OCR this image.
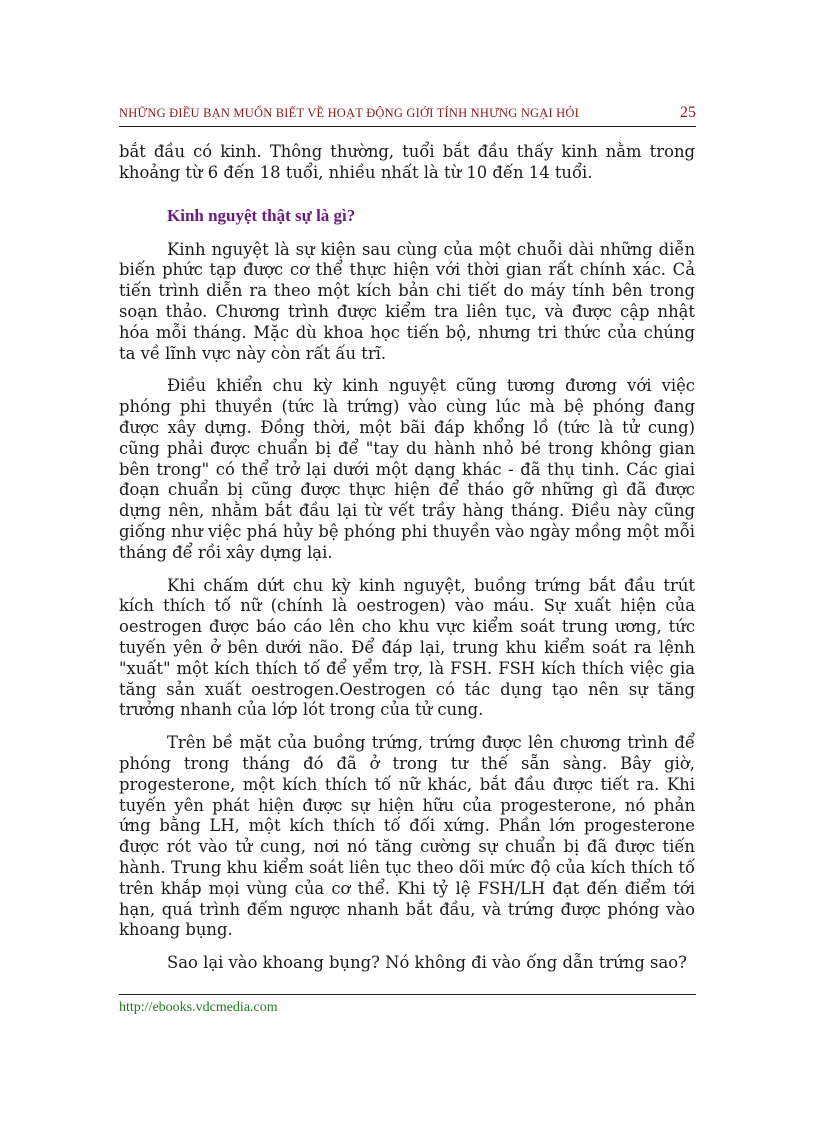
NHỮNG ĐIỀU BẠN MUỐN BIẾT VỀ HOẠT ĐỘNG GIỚI TÍNH NHƯNG NGẠI HỎI	25

bắt đầu có kinh. Thông thường, tuổi bắt đầu thấy kinh nằm trong khoảng từ 6 đến 18 tuổi, nhiều nhất là từ 10 đến 14 tuổi.

Kinh nguyệt thật sự là gì?

Kinh nguyệt là sự kiện sau cùng của một chuỗi dài những diễn biến phức tạp được cơ thể thực hiện với thời gian rất chính xác. Cả tiến trình diễn ra theo một kích bản chi tiết do máy tính bên trong soạn thảo. Chương trình được kiểm tra liên tục, và được cập nhật hóa mỗi tháng. Mặc dù khoa học tiến bộ, nhưng tri thức của chúng ta về lĩnh vực này còn rất ấu trĩ.

Điều khiển chu kỳ kinh nguyệt cũng tương đương với việc phóng phi thuyền (tức là trứng) vào cùng lúc mà bệ phóng đang được xây dựng. Đồng thời, một bãi đáp khổng lồ (tức là tử cung) cũng phải được chuẩn bị để "tay du hành nhỏ bé trong không gian bên trong" có thể trở lại dưới một dạng khác - đã thụ tinh. Các giai đoạn chuẩn bị cũng được thực hiện để tháo gỡ những gì đã được dựng nên, nhằm bắt đầu lại từ vết trầy hàng tháng. Điều này cũng giống như việc phá hủy bệ phóng phi thuyền vào ngày mồng một mỗi tháng để rồi xây dựng lại.

Khi chấm dứt chu kỳ kinh nguyệt, buồng trứng bắt đầu trút kích thích tố nữ (chính là oestrogen) vào máu. Sự xuất hiện của oestrogen được báo cáo lên cho khu vực kiểm soát trung ương, tức tuyến yên ở bên dưới não. Để đáp lại, trung khu kiểm soát ra lệnh "xuất" một kích thích tố để yểm trợ, là FSH. FSH kích thích việc gia tăng sản xuất oestrogen.Oestrogen có tác dụng tạo nên sự tăng trưởng nhanh của lớp lót trong của tử cung.

Trên bề mặt của buồng trứng, trứng được lên chương trình để phóng trong tháng đó đã ở trong tư thế sẵn sàng. Bây giờ, progesterone, một kích thích tố nữ khác, bắt đầu được tiết ra. Khi tuyến yên phát hiện được sự hiện hữu của progesterone, nó phản ứng bằng LH, một kích thích tố đối xứng. Phần lớn progesterone được rót vào tử cung, nơi nó tăng cường sự chuẩn bị đã được tiến hành. Trung khu kiểm soát liên tục theo dõi mức độ của kích thích tố trên khắp mọi vùng của cơ thể. Khi tỷ lệ FSH/LH đạt đến điểm tới hạn, quá trình đếm ngược nhanh bắt đầu, và trứng được phóng vào khoang bụng.

Sao lại vào khoang bụng? Nó không đi vào ống dẫn trứng sao?

http://ebooks.vdcmedia.com
